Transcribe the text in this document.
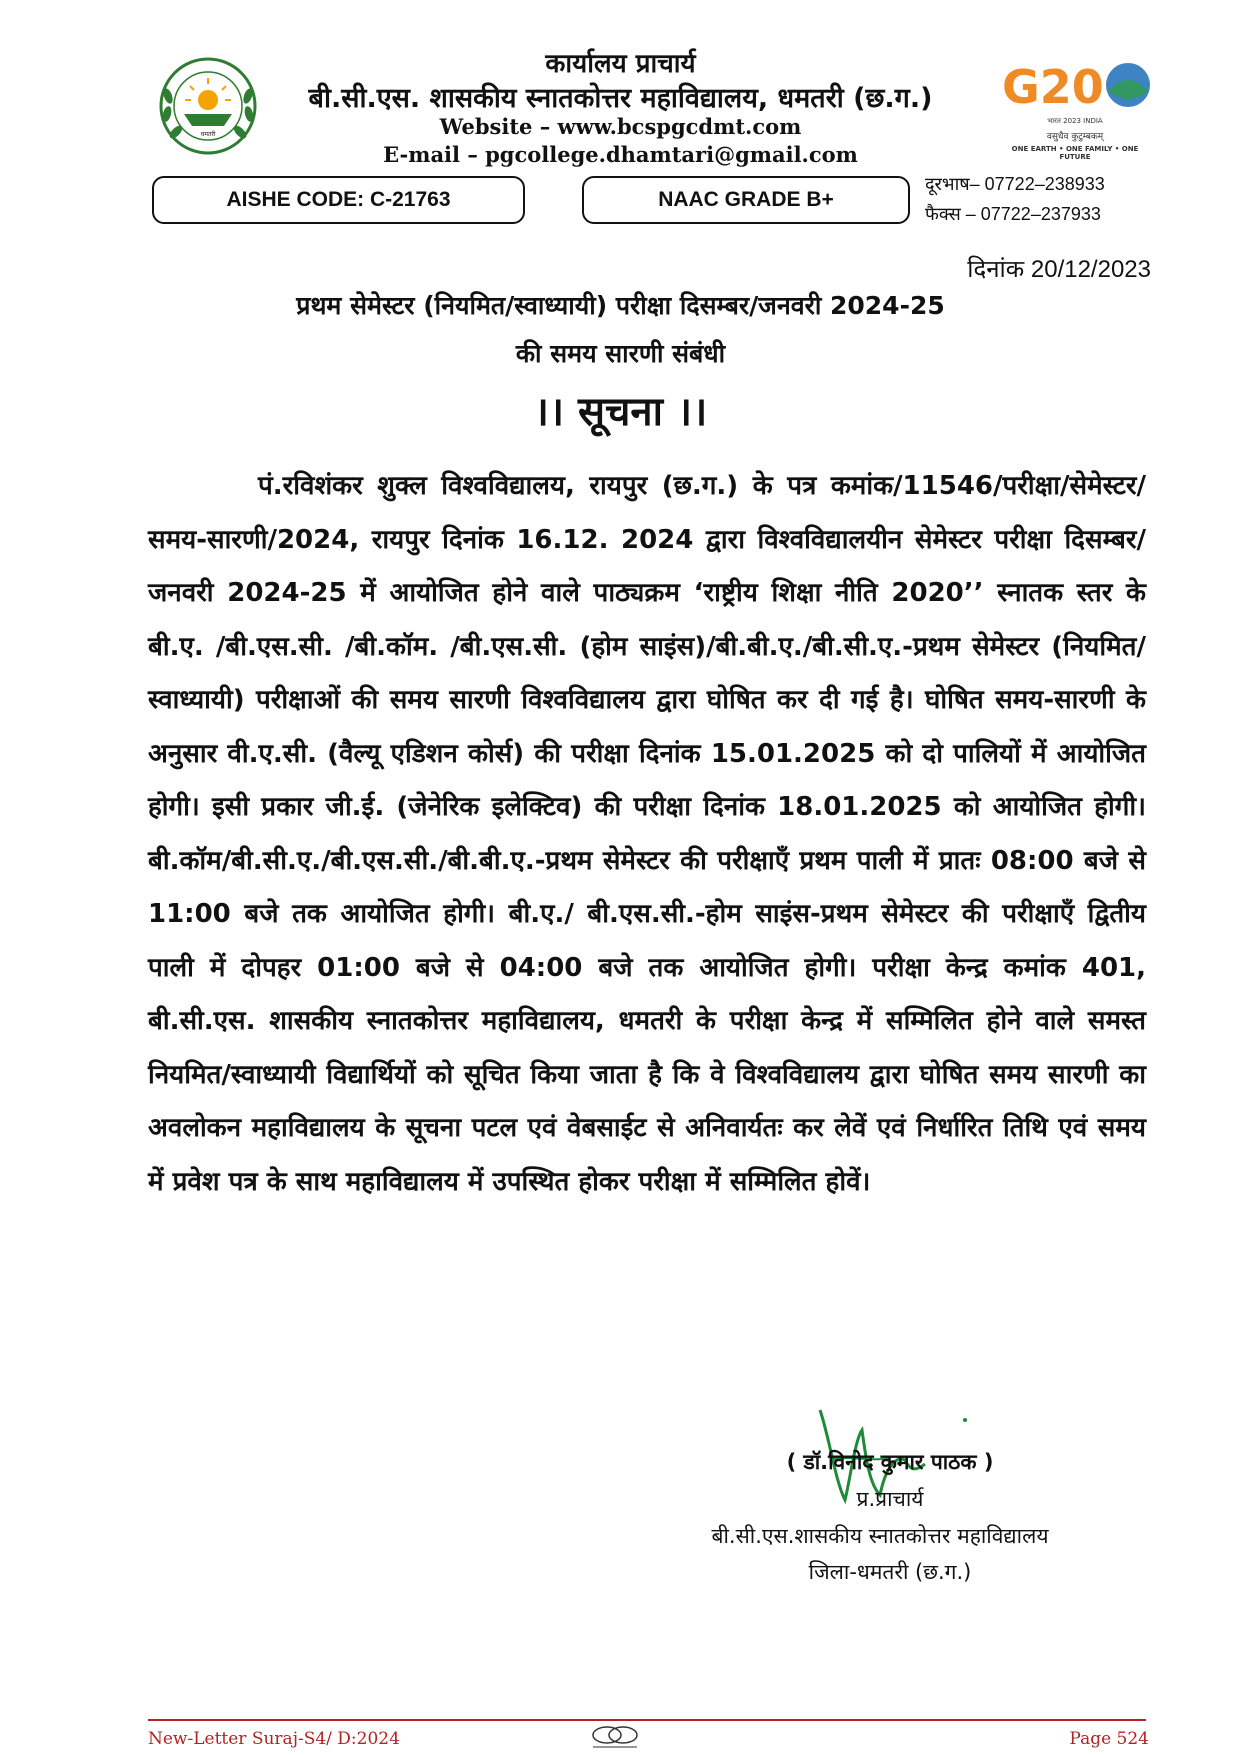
धमतरी
कार्यालय प्राचार्य
बी.सी.एस. शासकीय स्नातकोत्तर महाविद्यालय, धमतरी (छ.ग.)
Website – www.bcspgcdmt.com
E-mail – pgcollege.dhamtari@gmail.com
G20
भारत 2023 INDIA
वसुधैव कुटुम्बकम्
ONE EARTH • ONE FAMILY • ONE FUTURE
AISHE CODE: C-21763	NAAC GRADE B+
दूरभाष– 07722–238933
फैक्स – 07722–237933
दिनांक 20/12/2023
प्रथम सेमेस्टर (नियमित/स्वाध्यायी) परीक्षा दिसम्बर/जनवरी 2024-25
की समय सारणी संबंधी
।। सूचना ।।
पं.रविशंकर शुक्ल विश्वविद्यालय, रायपुर (छ.ग.) के पत्र कमांक/11546/परीक्षा/सेमेस्टर/समय-सारणी/2024, रायपुर दिनांक 16.12. 2024 द्वारा विश्वविद्यालयीन सेमेस्टर परीक्षा दिसम्बर/जनवरी 2024-25 में आयोजित होने वाले पाठ्यक्रम ‘राष्ट्रीय शिक्षा नीति 2020’’ स्नातक स्तर के बी.ए. /बी.एस.सी. /बी.कॉम. /बी.एस.सी. (होम साइंस)/बी.बी.ए./बी.सी.ए.-प्रथम सेमेस्टर (नियमित/स्वाध्यायी) परीक्षाओं की समय सारणी विश्वविद्यालय द्वारा घोषित कर दी गई है। घोषित समय-सारणी के अनुसार वी.ए.सी. (वैल्यू एडिशन कोर्स) की परीक्षा दिनांक 15.01.2025 को दो पालियों में आयोजित होगी। इसी प्रकार जी.ई. (जेनेरिक इलेक्टिव) की परीक्षा दिनांक 18.01.2025 को आयोजित होगी। बी.कॉम/बी.सी.ए./बी.एस.सी./बी.बी.ए.-प्रथम सेमेस्टर की परीक्षाएँ प्रथम पाली में प्रातः 08:00 बजे से 11:00 बजे तक आयोजित होगी। बी.ए./ बी.एस.सी.-होम साइंस-प्रथम सेमेस्टर की परीक्षाएँ द्वितीय पाली में दोपहर 01:00 बजे से 04:00 बजे तक आयोजित होगी। परीक्षा केन्द्र कमांक 401, बी.सी.एस. शासकीय स्नातकोत्तर महाविद्यालय, धमतरी के परीक्षा केन्द्र में सम्मिलित होने वाले समस्त नियमित/स्वाध्यायी विद्यार्थियों को सूचित किया जाता है कि वे विश्वविद्यालय द्वारा घोषित समय सारणी का अवलोकन महाविद्यालय के सूचना पटल एवं वेबसाईट से अनिवार्यतः कर लेवें एवं निर्धारित तिथि एवं समय में प्रवेश पत्र के साथ महाविद्यालय में उपस्थित होकर परीक्षा में सम्मिलित होवें।
( डॉ.विनोद कुमार पाठक )
प्र.प्राचार्य
बी.सी.एस.शासकीय स्नातकोत्तर महाविद्यालय
जिला-धमतरी (छ.ग.)
New-Letter Suraj-S4/ D:2024	Page 524
